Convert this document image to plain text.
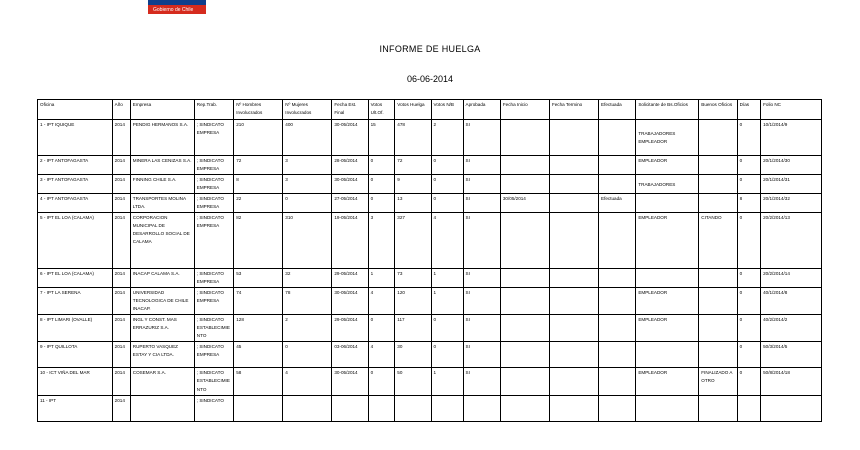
Gobierno de Chile
INFORME DE HUELGA
06-06-2014
Oficina	Año	Empresa	Rep.Trab.	Nº Hombres Involucrados	Nº Mujeres Involucrados	Fecha Est. Final	Votos Ult.Of.	Votos Huelga	Votos N/B	Aprobada	Fecha Inicio	Fecha Termino	Efectuada	Solicitante de Bs.Oficios	Buenos Oficios	Días	Folio NC

1 - IPT IQUIQUE	2014	PENDIG HERMANOS S.A.	; SINDICATO EMPRESA	210	400	30-05/2014	15	478	2	SI				TRABAJADORES EMPLEADOR		0	10/1/2014/9

2 - IPT ANTOFAGASTA	2014	MINERA LAS CENIZAS S.A.	; SINDICATO EMPRESA	72	3	28-05/2014	0	72	0	SI				EMPLEADOR		0	20/1/2014/30

3 - IPT ANTOFAGASTA	2014	FINNING CHILE S.A.	; SINDICATO EMPRESA	8	3	30-05/2014	0	9	0	SI				TRABAJADORES		0	20/1/2014/31

4 - IPT ANTOFAGASTA	2014	TRANSPORTES MOLINA LTDA.	; SINDICATO EMPRESA	22	0	27-05/2014	0	13	0	SI	30/05/2014		Efectuada			8	20/1/2014/32

5 - IPT EL LOA (CALAMA)	2014	CORPORACION MUNICIPAL DE DESARROLLO SOCIAL DE CALAMA	; SINDICATO EMPRESA	82	310	19-05/2014	3	327	4	SI				EMPLEADOR	CITANDO	0	20/2/2014/13

6 - IPT EL LOA (CALAMA)	2014	INACAP CALAMA S.A.	; SINDICATO EMPRESA	53	32	29-05/2014	1	73	1	SI						0	20/2/2014/14

7 - IPT LA SERENA	2014	UNIVERSIDAD TECNOLOGICA DE CHILE INACAP.	; SINDICATO EMPRESA	74	78	30-05/2014	4	120	1	SI				EMPLEADOR		0	40/1/2014/8

8 - IPT LIMARI (OVALLE)	2014	INGL Y CONST. MAS ERRAZURIZ S.A.	; SINDICATO ESTABLECIMIENTO	128	2	29-05/2014	0	117	0	SI				EMPLEADOR		0	40/2/2014/2

9 - IPT QUILLOTA	2014	RUPERTO VASQUEZ ESTAY Y CIA LTDA.	; SINDICATO EMPRESA	45	0	03-06/2014	4	30	0	SI						0	50/3/2014/5

10 - ICT VIÑA DEL MAR	2014	COSEMAR S.A.	; SINDICATO ESTABLECIMIENTO	58	4	30-05/2014	0	50	1	SI				EMPLEADOR	FINALIZADO A OTRO	0	50/8/2014/18

11 - IPT	2014		; SINDICATO														
